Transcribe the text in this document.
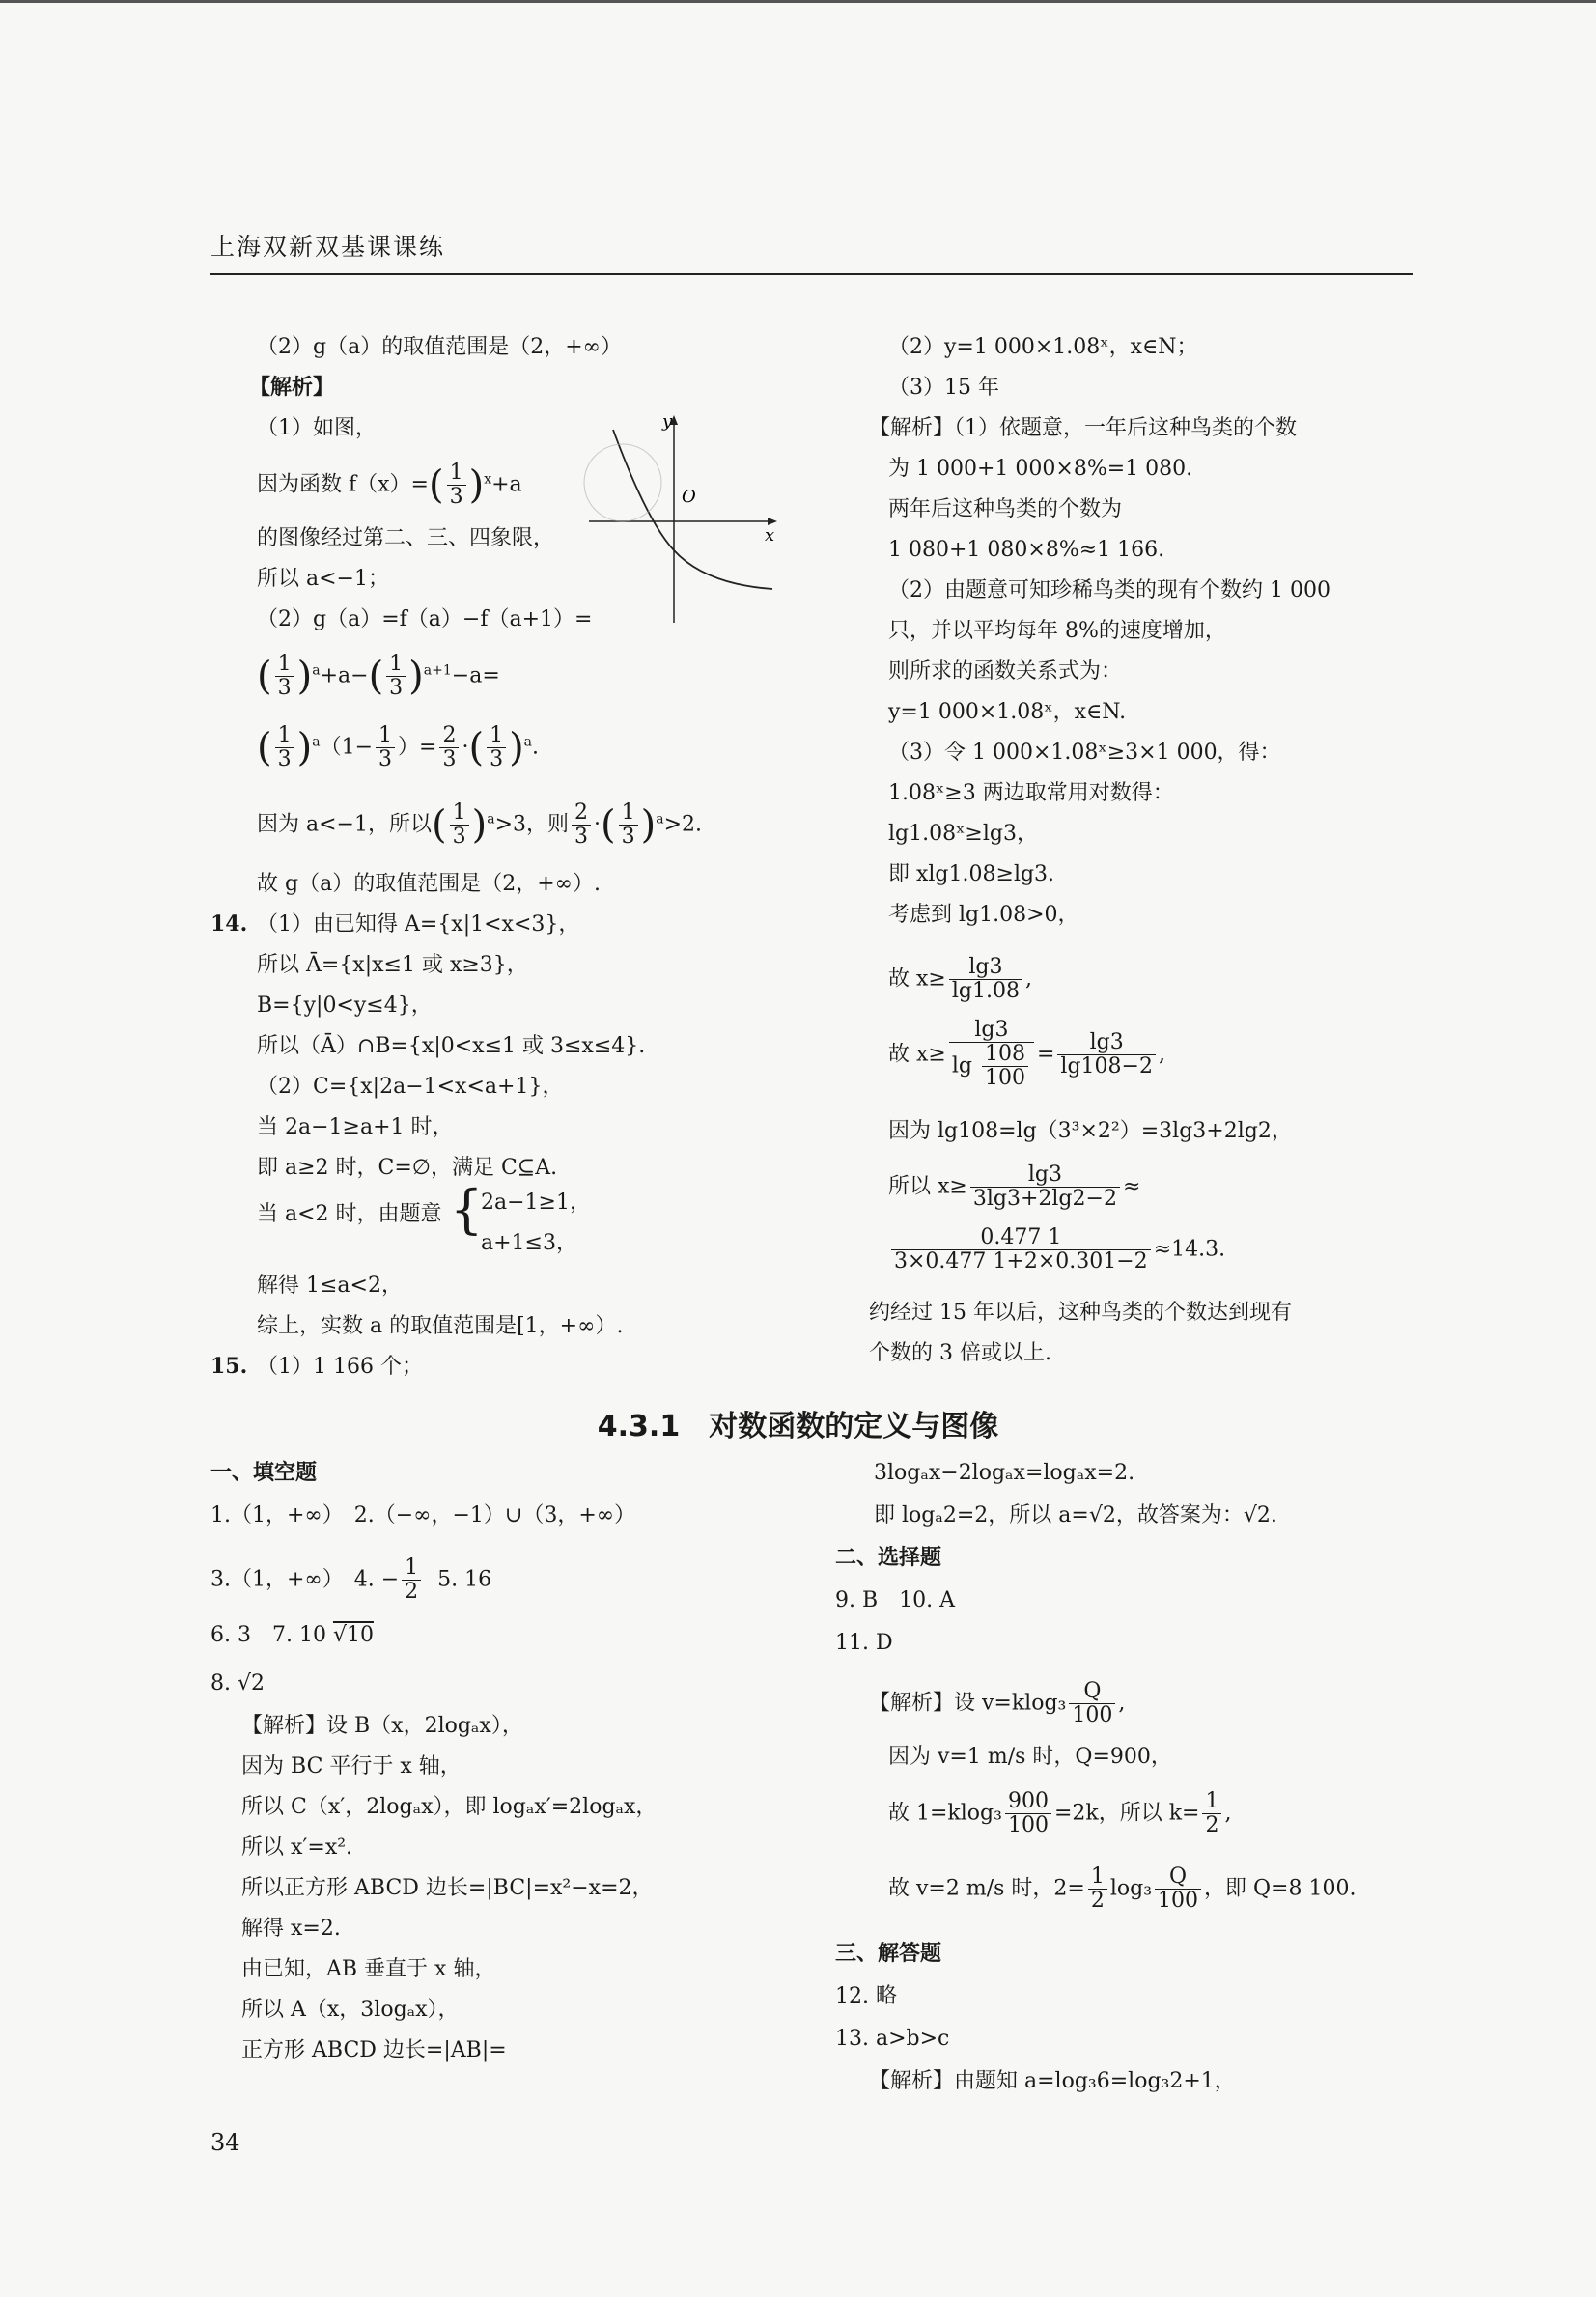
上海双新双基课课练
（2）g（a）的取值范围是（2，+∞）
【解析】
（1）如图，
因为函数 $f(x)=( \frac{1}{3} )^x+a$
的图像经过第二、三、四象限，
所以 a<−1；
（2）g（a）=f（a）−f（a+1）=
( $\frac{1}{3} )^a+a-( \frac{1}{3} )^{a+1}-a=$
( $\frac{1}{3} )^a(1- \frac{1}{3}$ ）= $\frac{2}{3}$ ·( $\frac{1}{3} )^a$.
因为 a<−1，所以( $\frac{1}{3} )^a>3$，则 $\frac{2}{3}$ ·( $\frac{1}{3} )^a>2$.
故 g（a）的取值范围是（2，+∞）.
14. （1）由已知得 A={x|1<x<3}，
所以 Ā={x|x≤1 或 x≥3}，
B={y|0<y≤4}，
所以（Ā）∩B={x|0<x≤1 或 3≤x≤4}.
（2）C={x|2a−1<x<a+1}，
当 2a−1≥a+1 时，
即 a≥2 时，C=∅，满足 C⊆A.
当 a<2 时，由题意 {
2a−1≥1，
a+1≤3，
解得 1≤a<2，
综上，实数 a 的取值范围是[1，+∞）.
15. （1）1 166 个；
y
x
O
（2）y=1 000×1.08ˣ，x∈N；
（3）15 年
【解析】（1）依题意，一年后这种鸟类的个数
为 1 000+1 000×8%=1 080.
两年后这种鸟类的个数为
1 080+1 080×8%≈1 166.
（2）由题意可知珍稀鸟类的现有个数约 1 000
只，并以平均每年 8%的速度增加，
则所求的函数关系式为：
y=1 000×1.08ˣ，x∈N.
（3）令 1 000×1.08ˣ≥3×1 000，得：
1.08ˣ≥3 两边取常用对数得：
lg1.08ˣ≥lg3，
即 xlg1.08≥lg3.
考虑到 lg1.08>0，
故 $x\ge \frac{\lg 3}{\lg 1.08}$ ,
故 $x\ge \frac{\lg 3}{\lg \frac{108}{100}} = \frac{\lg 3}{\lg 108-2}$ ,
因为 lg108=lg（3³×2²）=3lg3+2lg2，
所以 $x\ge \frac{\lg 3}{3\lg 3+2\lg 2-2}$ ≈
$\frac{0.477 1}{3\times 0.477 1+2\times 0.301-2} \approx 14.3$.
约经过 15 年以后，这种鸟类的个数达到现有
个数的 3 倍或以上.
4.3.1　对数函数的定义与图像
一、填空题
1.（1，+∞）　2.（−∞，−1）∪（3，+∞）
3.（1，+∞）　4. − $\frac{1}{2} 5$. 16
6. 3　7. 10 √10
8. √2
【解析】设 B（x，2logₐx），
因为 BC 平行于 x 轴，
所以 C（x′，2logₐx），即 logₐx′=2logₐx，
所以 x′=x².
所以正方形 ABCD 边长=|BC|=x²−x=2，
解得 x=2.
由已知，AB 垂直于 x 轴，
所以 A（x，3logₐx），
正方形 ABCD 边长=|AB|=
3logₐx−2logₐx=logₐx=2.
即 logₐ2=2，所以 a=√2，故答案为：√2.
二、选择题
9. B　10. A
11. D
【解析】设 $v=klog_3 \frac{Q}{100}$ ,
因为 v=1 m/s 时，Q=900，
故 $1=klog_3 \frac{900}{100} =2k$，所以 $k= \frac{1}{2}$ ,
故 v=2 m/s 时，$2= \frac{1}{2} \log_3 \frac{Q}{100}$ ，即 Q=8 100.
三、解答题
12. 略
13. a>b>c
【解析】由题知 a=log₃6=log₃2+1，
34
